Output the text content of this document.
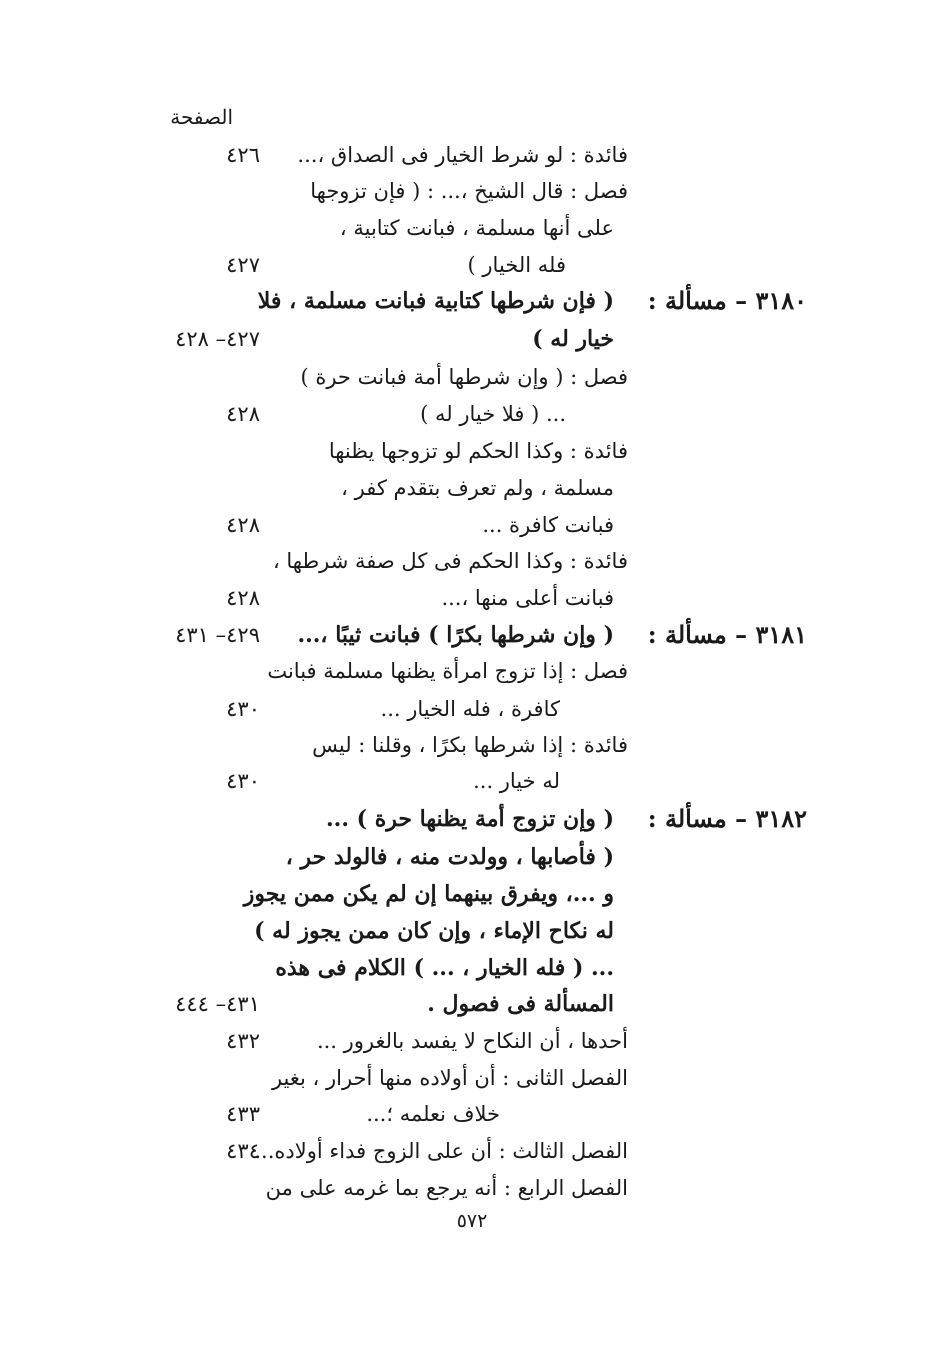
الصفحة
فائدة : لو شرط الخيار فى الصداق ،...
٤٢٦
فصل : قال الشيخ ،... : ( فإن تزوجها
على أنها مسلمة ، فبانت كتابية ،
فله الخيار )
٤٢٧
٣١٨٠ – مسألة :
( فإن شرطها كتابية فبانت مسلمة ، فلا
خيار له )
٤٢٧– ٤٢٨
فصل : ( وإن شرطها أمة فبانت حرة )
... ( فلا خيار له )
٤٢٨
فائدة : وكذا الحكم لو تزوجها يظنها
مسلمة ، ولم تعرف بتقدم كفر ،
فبانت كافرة ...
٤٢٨
فائدة : وكذا الحكم فى كل صفة شرطها ،
فبانت أعلى منها ،...
٤٢٨
٣١٨١ – مسألة :
( وإن شرطها بكرًا ) فبانت ثيبًا ،...
٤٢٩– ٤٣١
فصل : إذا تزوج امرأة يظنها مسلمة فبانت
كافرة ، فله الخيار ...
٤٣٠
فائدة : إذا شرطها بكرًا ، وقلنا : ليس
له خيار ...
٤٣٠
٣١٨٢ – مسألة :
( وإن تزوج أمة يظنها حرة ) ...
( فأصابها ، وولدت منه ، فالولد حر ،
و ...، ويفرق بينهما إن لم يكن ممن يجوز
له نكاح الإماء ، وإن كان ممن يجوز له )
... ( فله الخيار ، ... ) الكلام فى هذه
المسألة فى فصول .
٤٣١– ٤٤٤
أحدها ، أن النكاح لا يفسد بالغرور ...
٤٣٢
الفصل الثانى : أن أولاده منها أحرار ، بغير
خلاف نعلمه ؛...
٤٣٣
الفصل الثالث : أن على الزوج فداء أولاده...
٤٣٤
الفصل الرابع : أنه يرجع بما غرمه على من
٥٧٢
